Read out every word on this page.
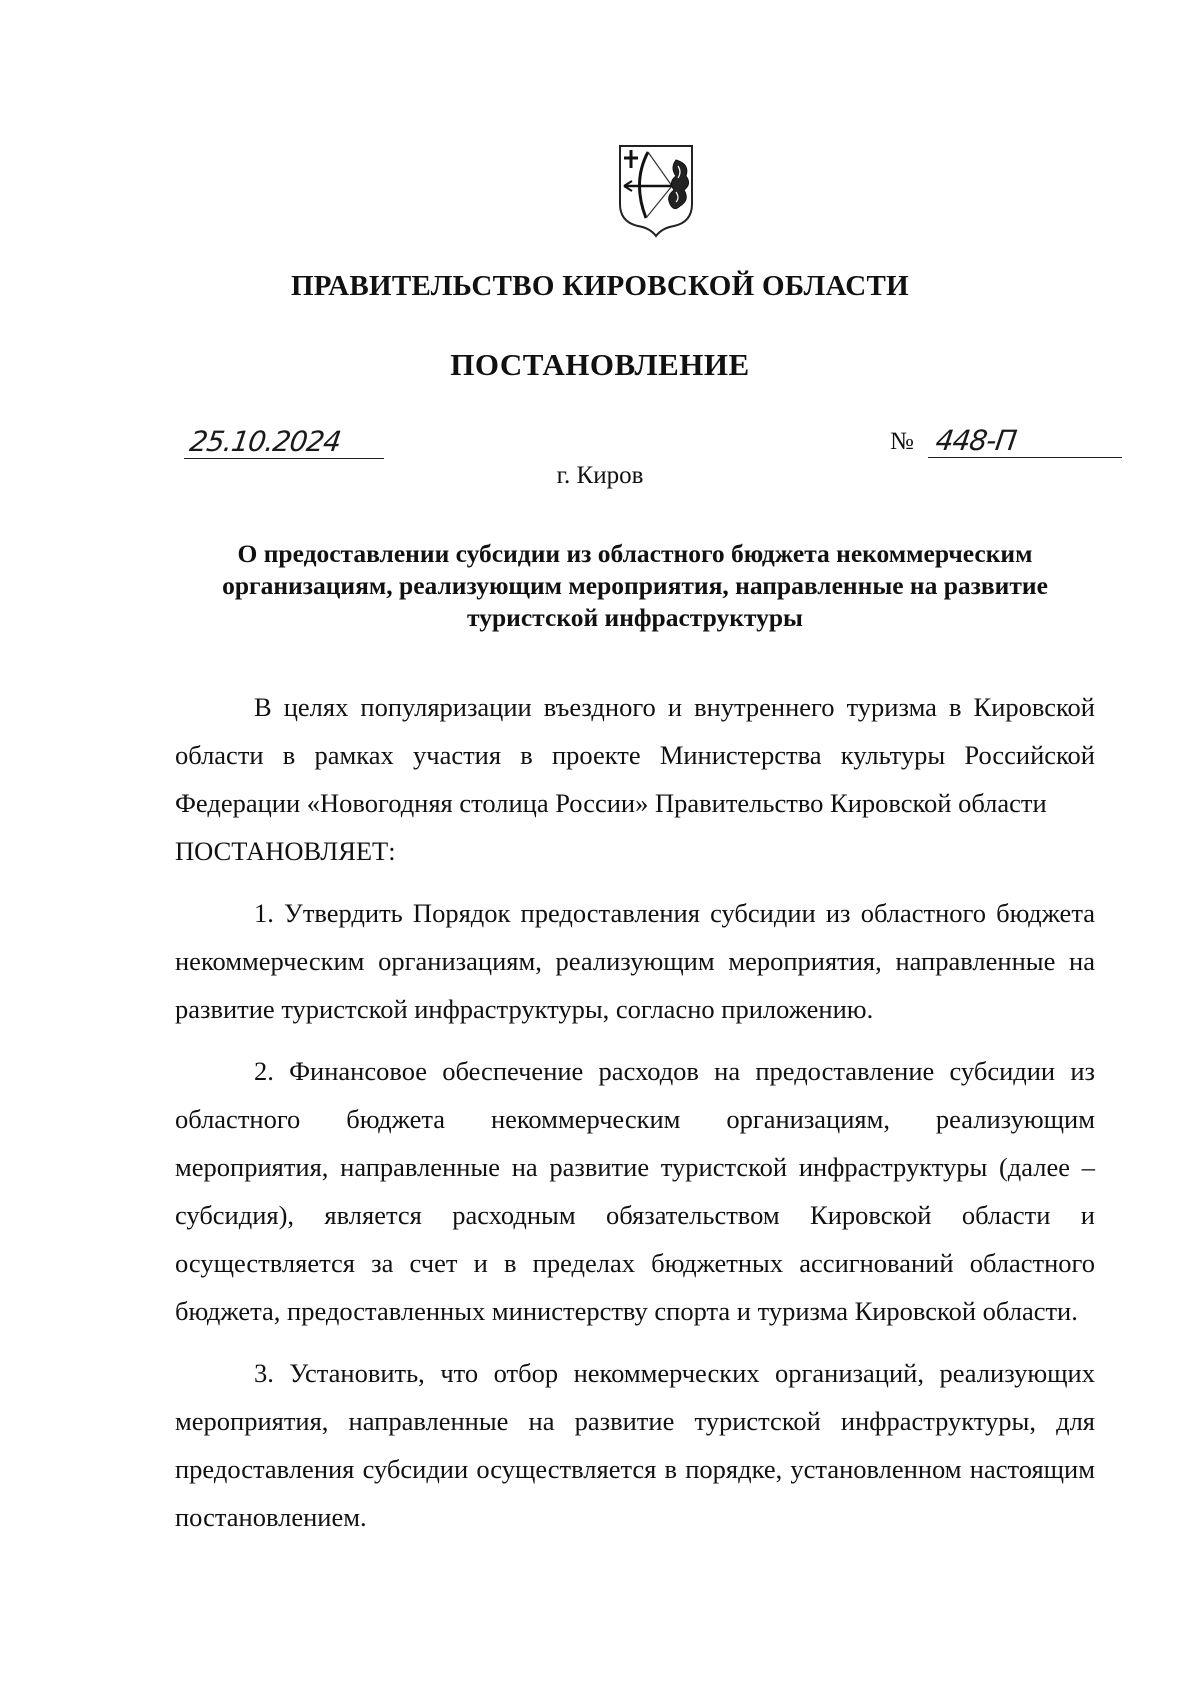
ПРАВИТЕЛЬСТВО КИРОВСКОЙ ОБЛАСТИ
ПОСТАНОВЛЕНИЕ
25.10.2024	№ 448-П

г. Киров

О предоставлении субсидии из областного бюджета некоммерческим организациям, реализующим мероприятия, направленные на развитие туристской инфраструктуры

В целях популяризации въездного и внутреннего туризма в Кировской области в рамках участия в проекте Министерства культуры Российской Федерации «Новогодняя столица России» Правительство Кировской области

ПОСТАНОВЛЯЕТ:

1. Утвердить Порядок предоставления субсидии из областного бюджета некоммерческим организациям, реализующим мероприятия, направленные на развитие туристской инфраструктуры, согласно приложению.

2. Финансовое обеспечение расходов на предоставление субсидии из областного бюджета некоммерческим организациям, реализующим мероприятия, направленные на развитие туристской инфраструктуры (далее – субсидия), является расходным обязательством Кировской области и осуществляется за счет и в пределах бюджетных ассигнований областного бюджета, предоставленных министерству спорта и туризма Кировской области.

3. Установить, что отбор некоммерческих организаций, реализующих мероприятия, направленные на развитие туристской инфраструктуры, для предоставления субсидии осуществляется в порядке, установленном настоящим постановлением.
